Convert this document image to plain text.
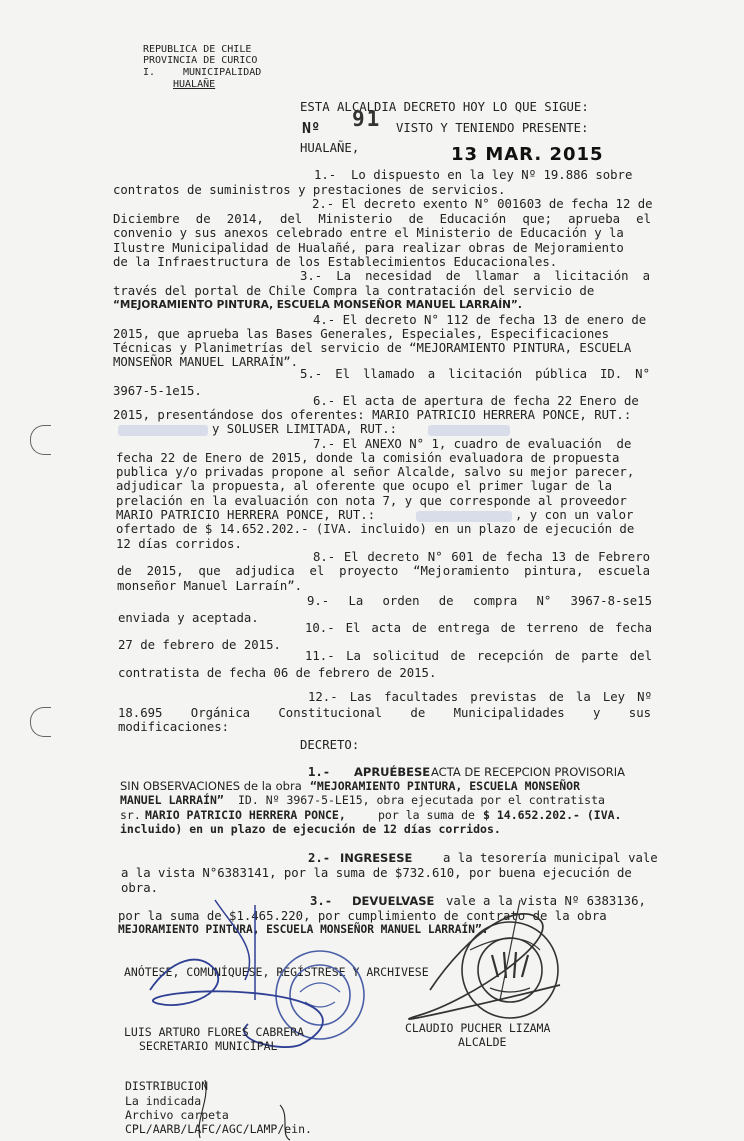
REPUBLICA DE CHILE
PROVINCIA DE CURICO
I.	MUNICIPALIDAD
HUALAÑE
ESTA ALCALDIA DECRETO HOY LO QUE SIGUE:
Nº 91 VISTO Y TENIENDO PRESENTE:
HUALAÑE,	13 MAR. 2015
1.-  Lo dispuesto en la ley Nº 19.886 sobre
contratos de suministros y prestaciones de servicios.
2.- El decreto exento N° 001603 de fecha 12 de
Diciembre de 2014, del Ministerio de Educación que; aprueba el
convenio y sus anexos celebrado entre el Ministerio de Educación y la
Ilustre Municipalidad de Hualañé, para realizar obras de Mejoramiento
de la Infraestructura de los Establecimientos Educacionales.
3.- La necesidad de llamar a licitación a
través del portal de Chile Compra la contratación del servicio de
“MEJORAMIENTO PINTURA, ESCUELA MONSEÑOR MANUEL LARRAÍN”.
4.- El decreto N° 112 de fecha 13 de enero de
2015, que aprueba las Bases Generales, Especiales, Especificaciones
Técnicas y Planimetrías del servicio de “MEJORAMIENTO PINTURA, ESCUELA
MONSEÑOR MANUEL LARRAÍN”.
5.- El llamado a licitación pública ID. N°
3967-5-1e15.
6.- El acta de apertura de fecha 22 Enero de
2015, presentándose dos oferentes: MARIO PATRICIO HERRERA PONCE, RUT.:
y SOLUSER LIMITADA, RUT.:
7.- El ANEXO N° 1, cuadro de evaluación  de
fecha 22 de Enero de 2015, donde la comisión evaluadora de propuesta
publica y/o privadas propone al señor Alcalde, salvo su mejor parecer,
adjudicar la propuesta, al oferente que ocupo el primer lugar de la
prelación en la evaluación con nota 7, y que corresponde al proveedor
MARIO PATRICIO HERRERA PONCE, RUT.:	, y con un valor
ofertado de $ 14.652.202.- (IVA. incluido) en un plazo de ejecución de
12 días corridos.
8.- El decreto N° 601 de fecha 13 de Febrero
de 2015, que adjudica el proyecto “Mejoramiento pintura, escuela
monseñor Manuel Larraín”.
9.- La orden de compra N° 3967-8-se15
enviada y aceptada.
10.- El acta de entrega de terreno de fecha
27 de febrero de 2015.
11.- La solicitud de recepción de parte del
contratista de fecha 06 de febrero de 2015.
12.- Las facultades previstas de la Ley Nº
18.695 Orgánica Constitucional de Municipalidades y sus
modificaciones:
DECRETO:
1.- APRUÉBESE ACTA DE RECEPCION PROVISORIA
SIN OBSERVACIONES de la obra “MEJORAMIENTO PINTURA, ESCUELA MONSEÑOR
MANUEL LARRAÍN” ID. Nº 3967-5-LE15, obra ejecutada por el contratista
sr. MARIO PATRICIO HERRERA PONCE,	por la suma de $ 14.652.202.- (IVA.
incluido) en un plazo de ejecución de 12 días corridos.
2.- INGRESESE a la tesorería municipal vale
a la vista N°6383141, por la suma de $732.610, por buena ejecución de
obra.
3.- DEVUELVASE vale a la vista Nº 6383136,
por la suma de $1.465.220, por cumplimiento de contrato de la obra
MEJORAMIENTO PINTURA, ESCUELA MONSEÑOR MANUEL LARRAÍN”.
ANÓTESE, COMUNÍQUESE, REGÍSTRESE Y ARCHIVESE
LUIS ARTURO FLORES CABRERA
SECRETARIO MUNICIPAL
CLAUDIO PUCHER LIZAMA
ALCALDE
DISTRIBUCION
La indicada
Archivo carpeta
CPL/AARB/LAFC/AGC/LAMP/ein.
